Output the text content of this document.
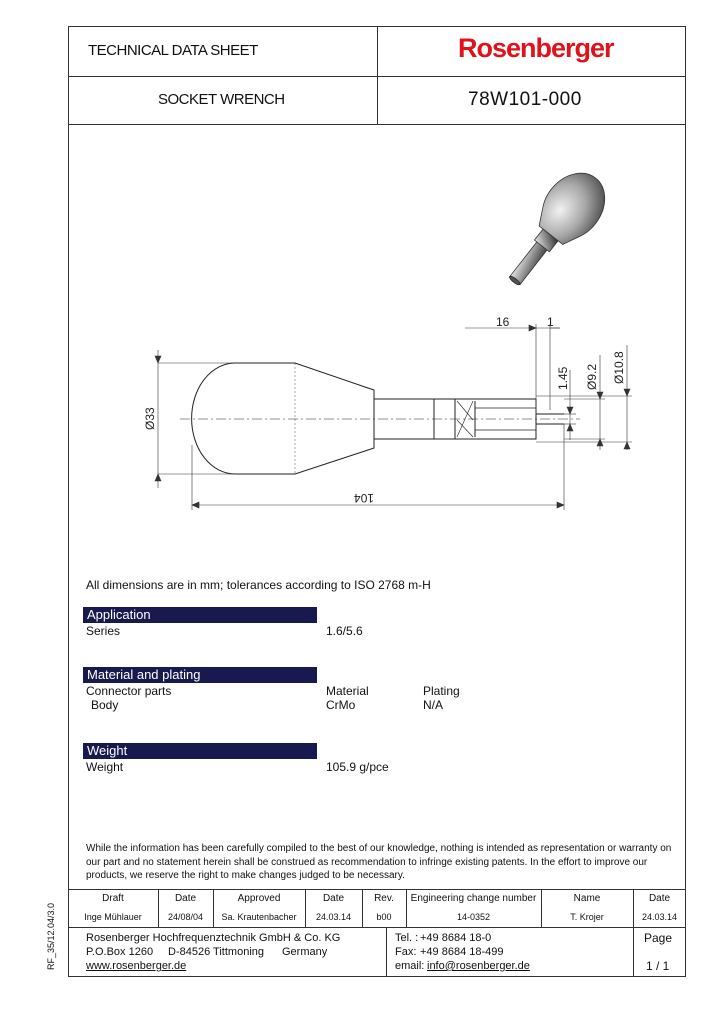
TECHNICAL DATA SHEET	Rosenberger
SOCKET WRENCH	78W101-000
Ø33
104
16	1
1.45 Ø9.2 Ø10.8
All dimensions are in mm; tolerances according to ISO 2768 m-H
Application
Series	1.6/5.6
Material and plating
Connector parts	Material	Plating
Body	CrMo	N/A
Weight
Weight	105.9 g/pce
While the information has been carefully compiled to the best of our knowledge, nothing is intended as representation or warranty on our part and no statement herein shall be construed as recommendation to infringe existing patents. In the effort to improve our products, we reserve the right to make changes judged to be necessary.
Draft	Date	Approved	Date	Rev.	Engineering change number	Name	Date
Inge Mühlauer	24/08/04	Sa. Krautenbacher	24.03.14	b00	14-0352	T. Krojer	24.03.14
Rosenberger Hochfrequenztechnik GmbH & Co. KG
P.O.Box 1260 D-84526 Tittmoning Germany
www.rosenberger.de
Tel. : +49 8684 18-0
Fax: +49 8684 18-499
email: info@rosenberger.de
Page
1 / 1
RF_35/12.04/3.0
